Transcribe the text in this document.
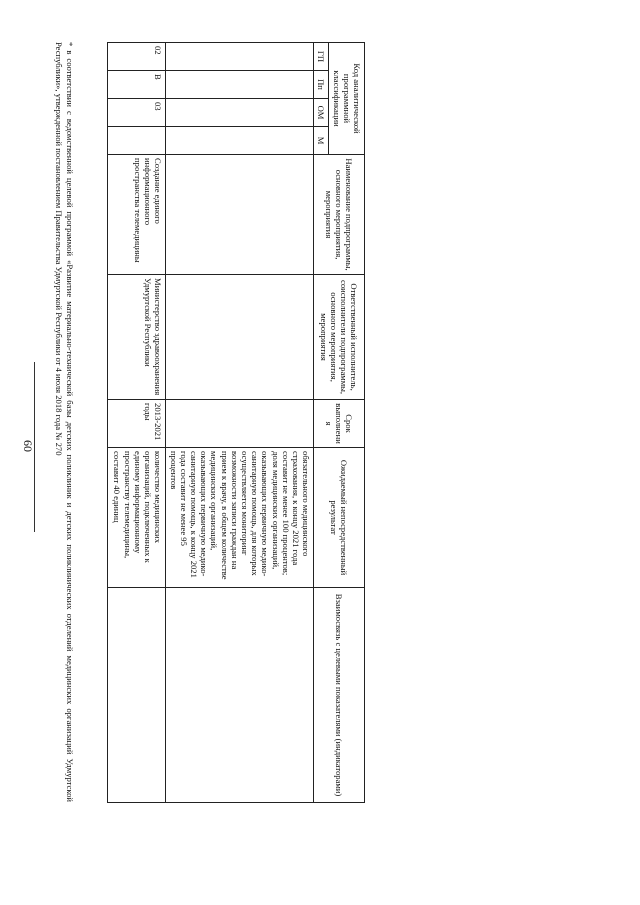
60
Код аналитической программной классификации				Наименование подпрограммы, основного мероприятия, мероприятия	Ответственный исполнитель, соисполнители подпрограммы, основного мероприятия, мероприятия	Срок выполнения	Ожидаемый непосредственный результат	Взаимосвязь с целевыми показателями (индикаторами)
ГП	Пп	ОМ	М					
							обязательного медицинского страхования, к концу 2021 года составит не менее 100 процентов; доля медицинских организаций, оказывающих первичную медико-санитарную помощь, для которых осуществляется мониторинг возможности записи граждан на прием к врачу, в общем количестве медицинских организаций, оказывающих первичную медико-санитарную помощь, к концу 2021 года составит не менее 95 процентов	
02	В	03		Создание единого информационного пространства телемедицины	Министерство здравоохранения Удмуртской Республики	2013-2021 годы	количество медицинских организаций, подключенных к единому информационному пространству телемедицины, составит 40 единиц	
* в соответствии с ведомственной целевой программой «Развитие материально-технической базы детских поликлиник и детских поликлинических отделений медицинских организаций Удмуртской Республики», утвержденной постановлением Правительства Удмуртской Республики от 4 июля 2018 года № 270
